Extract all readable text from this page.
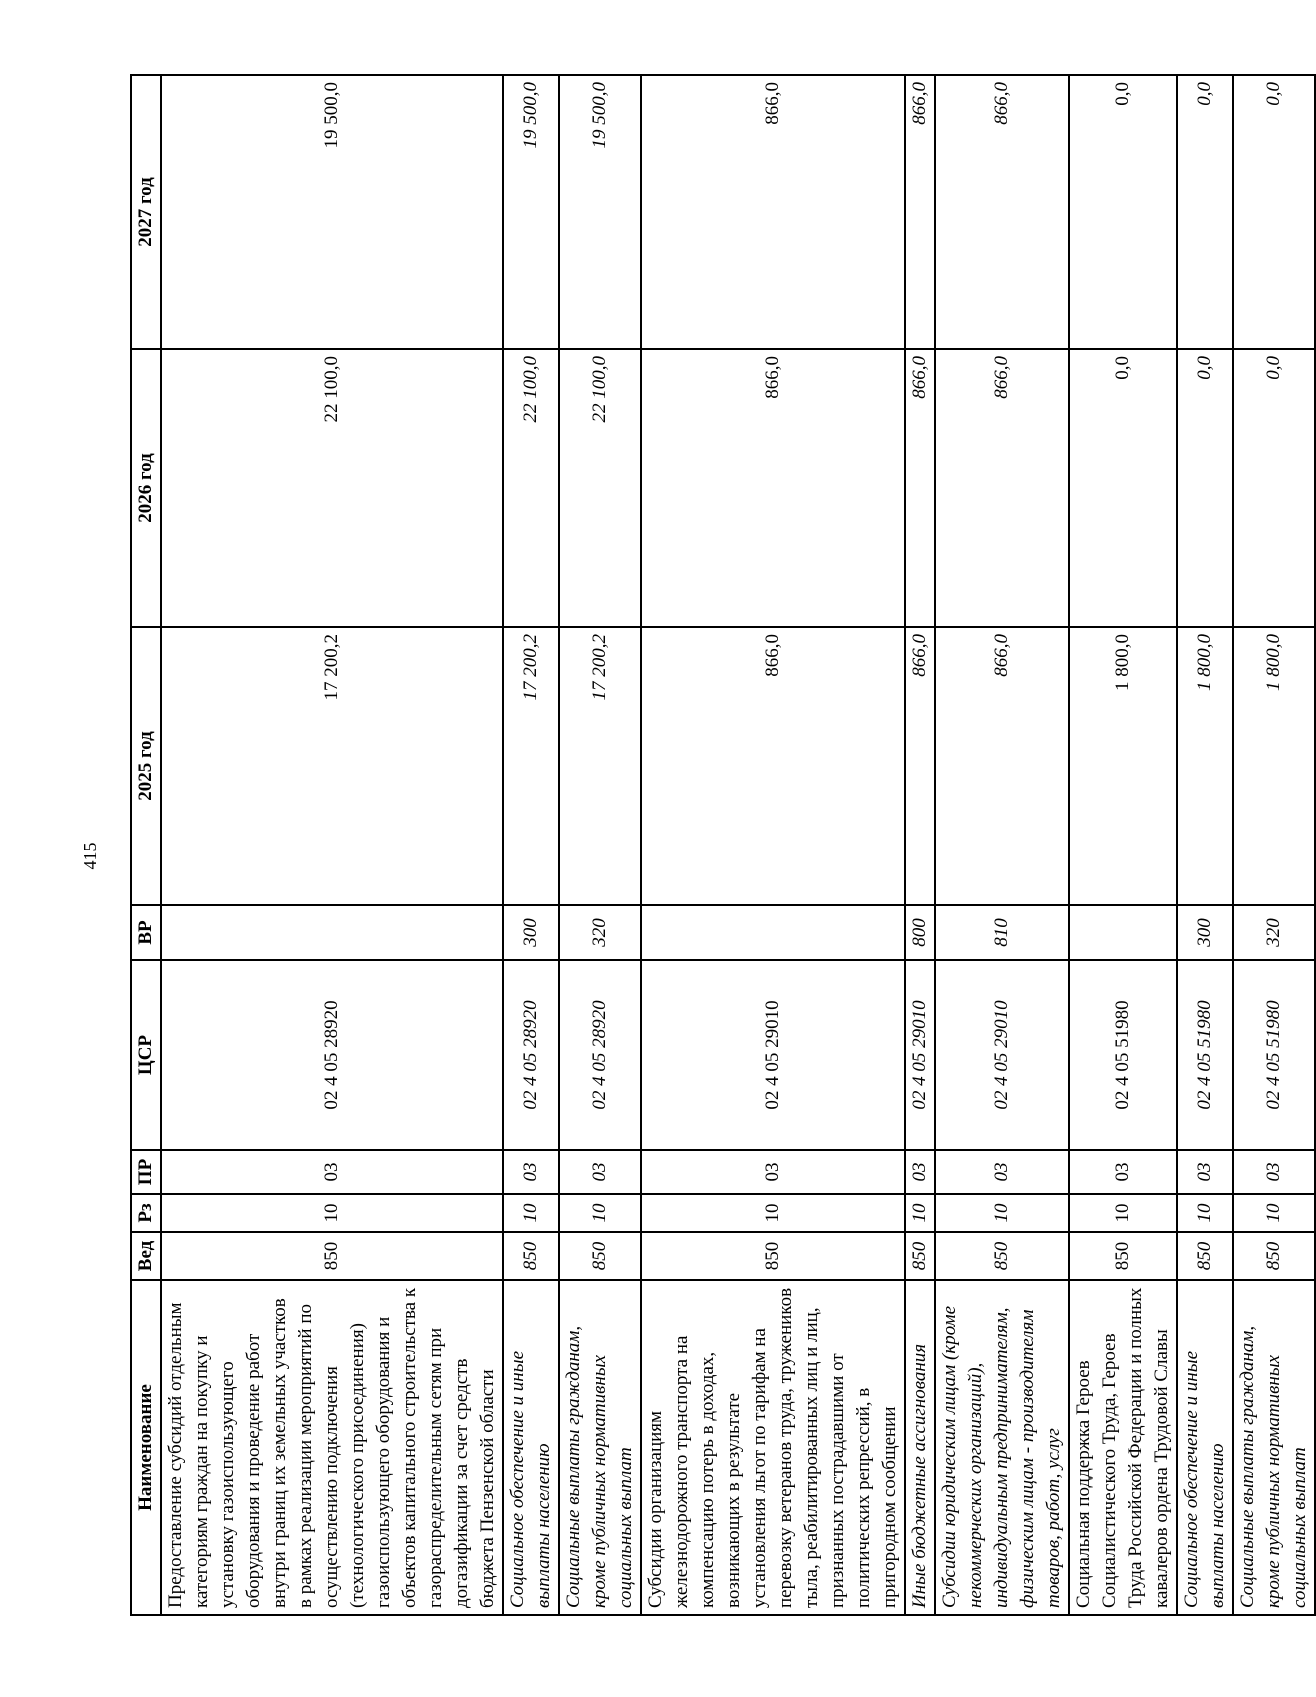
415
Наименование	Вед	Рз	ПР	ЦСР	ВР	2025 год	2026 год	2027 год
Предоставление субсидий отдельным категориям граждан на покупку и установку газоиспользующего оборудования и проведение работ внутри границ их земельных участков в рамках реализации мероприятий по осуществлению подключения (технологического присоединения) газоиспользующего оборудования и объектов капитального строительства к газораспределительным сетям при догазификации за счет средств бюджета Пензенской области	850	10	03	02 4 05 28920		17 200,2	22 100,0	19 500,0
Социальное обеспечение и иные выплаты населению	850	10	03	02 4 05 28920	300	17 200,2	22 100,0	19 500,0
Социальные выплаты гражданам, кроме публичных нормативных социальных выплат	850	10	03	02 4 05 28920	320	17 200,2	22 100,0	19 500,0
Субсидии организациям железнодорожного транспорта на компенсацию потерь в доходах, возникающих в результате установления льгот по тарифам на перевозку ветеранов труда, тружеников тыла, реабилитированных лиц и лиц, признанных пострадавшими от политических репрессий, в пригородном сообщении	850	10	03	02 4 05 29010		866,0	866,0	866,0
Иные бюджетные ассигнования	850	10	03	02 4 05 29010	800	866,0	866,0	866,0
Субсидии юридическим лицам (кроме некоммерческих организаций), индивидуальным предпринимателям, физическим лицам - производителям товаров, работ, услуг	850	10	03	02 4 05 29010	810	866,0	866,0	866,0
Социальная поддержка Героев Социалистического Труда, Героев Труда Российской Федерации и полных кавалеров ордена Трудовой Славы	850	10	03	02 4 05 51980		1 800,0	0,0	0,0
Социальное обеспечение и иные выплаты населению	850	10	03	02 4 05 51980	300	1 800,0	0,0	0,0
Социальные выплаты гражданам, кроме публичных нормативных социальных выплат	850	10	03	02 4 05 51980	320	1 800,0	0,0	0,0
